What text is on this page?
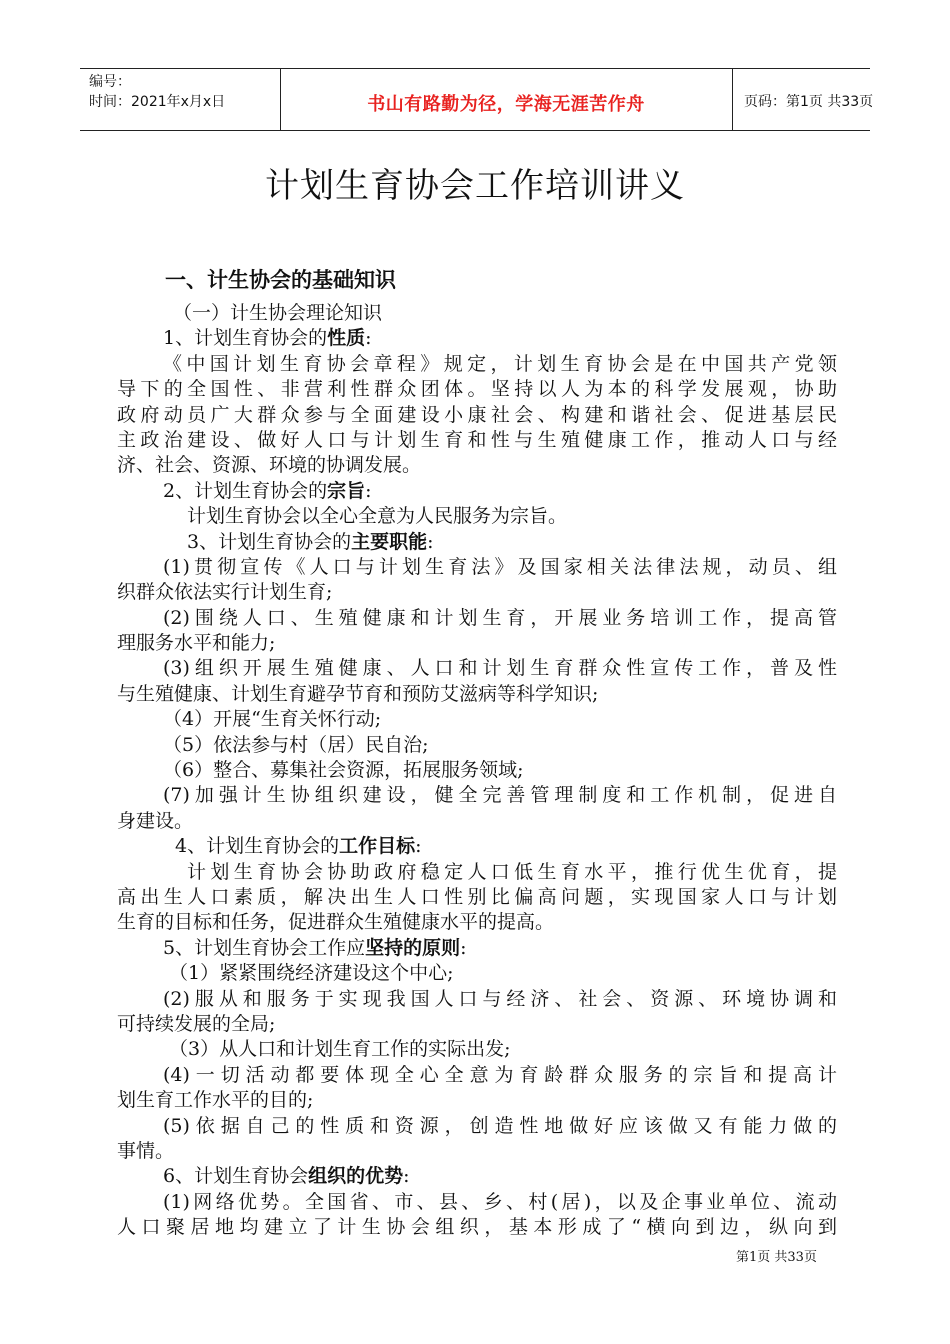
编号：
时间：2021年x月x日	书山有路勤为径，学海无涯苦作舟	页码：第1页 共33页
计划生育协会工作培训讲义
一、计生协会的基础知识
（一）计生协会理论知识
1、计划生育协会的性质:
《中国计划生育协会章程》规定，计划生育协会是在中国共产党领
导下的全国性、非营利性群众团体。坚持以人为本的科学发展观，协助
政府动员广大群众参与全面建设小康社会、构建和谐社会、促进基层民
主政治建设、做好人口与计划生育和性与生殖健康工作，推动人口与经
济、社会、资源、环境的协调发展。
2、计划生育协会的宗旨:
计划生育协会以全心全意为人民服务为宗旨。
3、计划生育协会的主要职能:
(1)贯彻宣传《人口与计划生育法》及国家相关法律法规，动员、组
织群众依法实行计划生育;
(2)围绕人口、生殖健康和计划生育，开展业务培训工作，提高管
理服务水平和能力;
(3)组织开展生殖健康、人口和计划生育群众性宣传工作，普及性
与生殖健康、计划生育避孕节育和预防艾滋病等科学知识;
（4）开展“生育关怀行动;
（5）依法参与村（居）民自治;
（6）整合、募集社会资源，拓展服务领域;
(7)加强计生协组织建设，健全完善管理制度和工作机制，促进自
身建设。
4、计划生育协会的工作目标:
计划生育协会协助政府稳定人口低生育水平，推行优生优育，提
高出生人口素质，解决出生人口性别比偏高问题，实现国家人口与计划
生育的目标和任务，促进群众生殖健康水平的提高。
5、计划生育协会工作应坚持的原则:
（1）紧紧围绕经济建设这个中心;
(2)服从和服务于实现我国人口与经济、社会、资源、环境协调和
可持续发展的全局;
（3）从人口和计划生育工作的实际出发;
(4)一切活动都要体现全心全意为育龄群众服务的宗旨和提高计
划生育工作水平的目的;
(5)依据自己的性质和资源，创造性地做好应该做又有能力做的
事情。
6、计划生育协会组织的优势:
(1)网络优势。全国省、市、县、乡、村(居)，以及企事业单位、流动
人口聚居地均建立了计生协会组织，基本形成了“横向到边，纵向到
第1页 共33页
